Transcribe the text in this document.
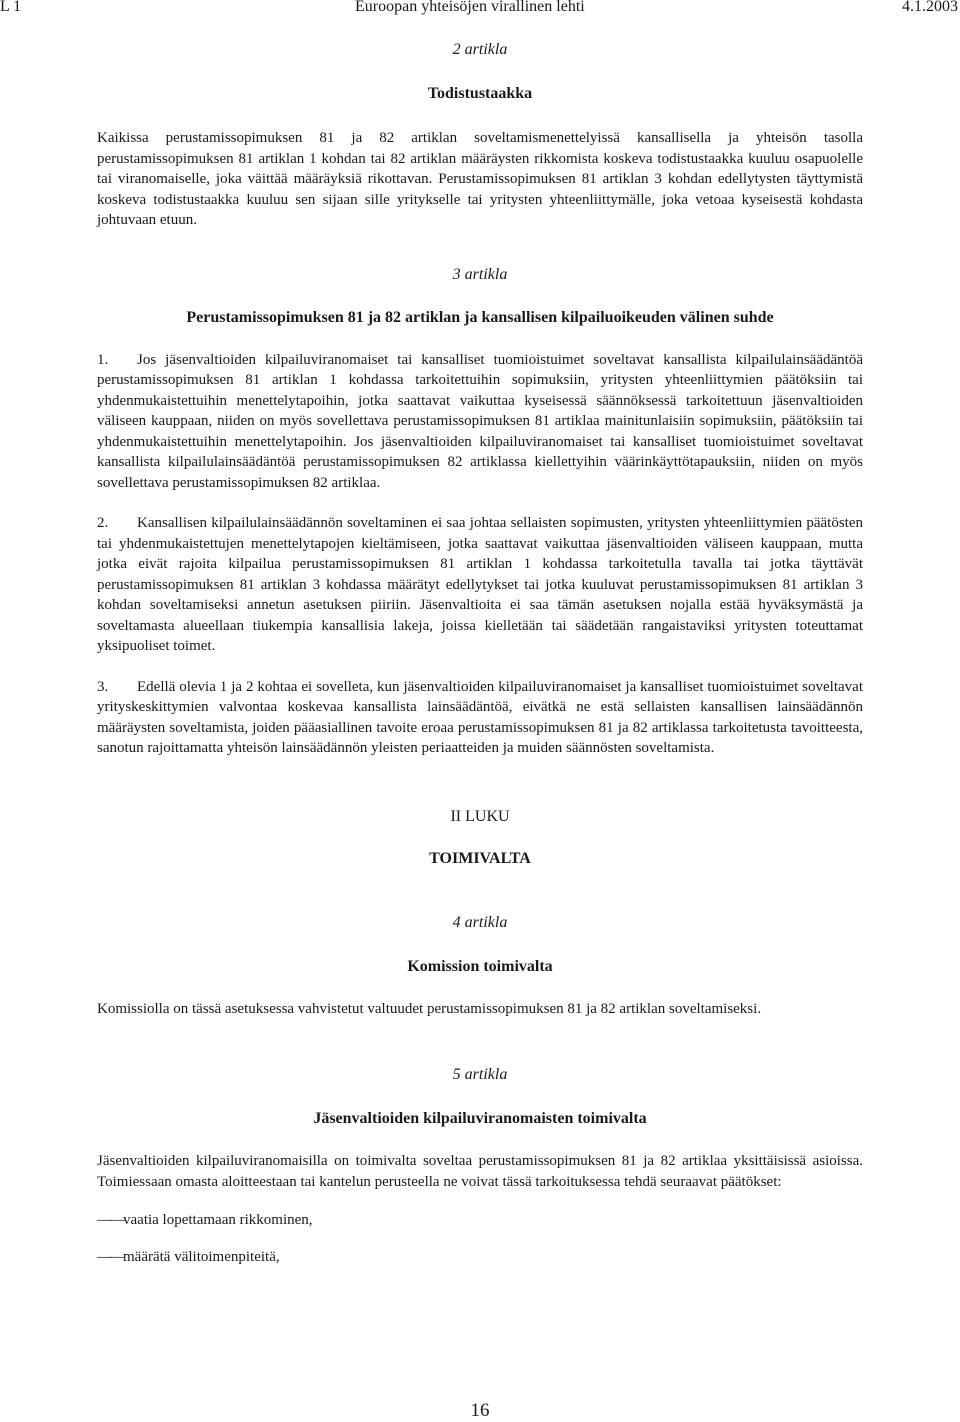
L 1	Euroopan yhteisöjen virallinen lehti	4.1.2003
2 artikla
Todistustaakka

Kaikissa perustamissopimuksen 81 ja 82 artiklan soveltamismenettelyissä kansallisella ja yhteisön tasolla perustamissopimuksen 81 artiklan 1 kohdan tai 82 artiklan määräysten rikkomista koskeva todistustaakka kuuluu osapuolelle tai viranomaiselle, joka väittää määräyksiä rikottavan. Perustamissopimuksen 81 artiklan 3 kohdan edellytysten täyttymistä koskeva todistustaakka kuuluu sen sijaan sille yritykselle tai yritysten yhteenliittymälle, joka vetoaa kyseisestä kohdasta johtuvaan etuun.

3 artikla
Perustamissopimuksen 81 ja 82 artiklan ja kansallisen kilpailuoikeuden välinen suhde

1. Jos jäsenvaltioiden kilpailuviranomaiset tai kansalliset tuomioistuimet soveltavat kansallista kilpailulainsäädäntöä perustamissopimuksen 81 artiklan 1 kohdassa tarkoitettuihin sopimuksiin, yritysten yhteenliittymien päätöksiin tai yhdenmukaistettuihin menettelytapoihin, jotka saattavat vaikuttaa kyseisessä säännöksessä tarkoitettuun jäsenvaltioiden väliseen kauppaan, niiden on myös sovellettava perustamissopimuksen 81 artiklaa mainitunlaisiin sopimuksiin, päätöksiin tai yhdenmukaistettuihin menettelytapoihin. Jos jäsenvaltioiden kilpailuviranomaiset tai kansalliset tuomioistuimet soveltavat kansallista kilpailulainsäädäntöä perustamissopimuksen 82 artiklassa kiellettyihin väärinkäyttötapauksiin, niiden on myös sovellettava perustamissopimuksen 82 artiklaa.

2. Kansallisen kilpailulainsäädännön soveltaminen ei saa johtaa sellaisten sopimusten, yritysten yhteenliittymien päätösten tai yhdenmukaistettujen menettelytapojen kieltämiseen, jotka saattavat vaikuttaa jäsenvaltioiden väliseen kauppaan, mutta jotka eivät rajoita kilpailua perustamissopimuksen 81 artiklan 1 kohdassa tarkoitetulla tavalla tai jotka täyttävät perustamissopimuksen 81 artiklan 3 kohdassa määrätyt edellytykset tai jotka kuuluvat perustamissopimuksen 81 artiklan 3 kohdan soveltamiseksi annetun asetuksen piiriin. Jäsenvaltioita ei saa tämän asetuksen nojalla estää hyväksymästä ja soveltamasta alueellaan tiukempia kansallisia lakeja, joissa kielletään tai säädetään rangaistaviksi yritysten toteuttamat yksipuoliset toimet.

3. Edellä olevia 1 ja 2 kohtaa ei sovelleta, kun jäsenvaltioiden kilpailuviranomaiset ja kansalliset tuomioistuimet soveltavat yrityskeskittymien valvontaa koskevaa kansallista lainsäädäntöä, eivätkä ne estä sellaisten kansallisen lainsäädännön määräysten soveltamista, joiden pääasiallinen tavoite eroaa perustamissopimuksen 81 ja 82 artiklassa tarkoitetusta tavoitteesta, sanotun rajoittamatta yhteisön lainsäädännön yleisten periaatteiden ja muiden säännösten soveltamista.

II LUKU
TOIMIVALTA
4 artikla
Komission toimivalta

Komissiolla on tässä asetuksessa vahvistetut valtuudet perustamissopimuksen 81 ja 82 artiklan soveltamiseksi.

5 artikla
Jäsenvaltioiden kilpailuviranomaisten toimivalta

Jäsenvaltioiden kilpailuviranomaisilla on toimivalta soveltaa perustamissopimuksen 81 ja 82 artiklaa yksittäisissä asioissa. Toimiessaan omasta aloitteestaan tai kantelun perusteella ne voivat tässä tarkoituksessa tehdä seuraavat päätökset:

——vaatia lopettamaan rikkominen,
——määrätä välitoimenpiteitä,
16
